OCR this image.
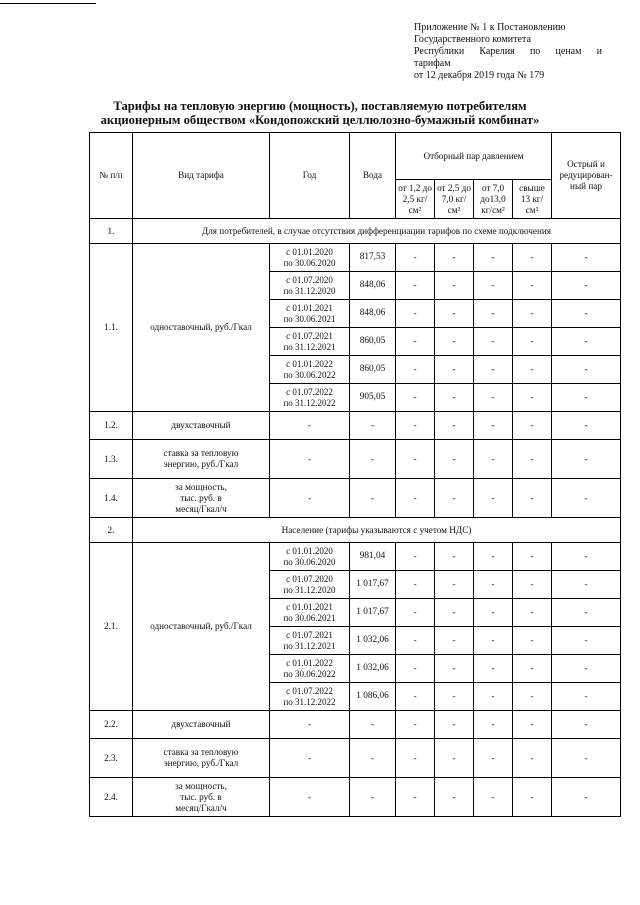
Приложение № 1 к Постановлению
Государственного комитета
Республики Карелия по ценам и
тарифам
от 12 декабря 2019 года № 179
Тарифы на тепловую энергию (мощность), поставляемую потребителям
акционерным обществом «Кондопожский целлюлозно-бумажный комбинат»
№ п/п	Вид тарифа	Год	Вода	Отборный пар давлением				Острый и редуцирован-ный пар
				от 1,2 до 2,5 кг/см²	от 2,5 до 7,0 кг/см²	от 7,0 до13,0 кг/см²	свыше 13 кг/см²	
1.	Для потребителей, в случае отсутствия дифференциации тарифов по схеме подключения							
1.1.	одноставочный, руб./Гкал	с 01.01.2020
по 30.06.2020	817,53	-	-	-	-	-

		с 01.07.2020
по 31.12.2020	848,06	-	-	-	-	-

		с 01.01.2021
по 30.06.2021	848,06	-	-	-	-	-

		с 01.07.2021
по 31.12.2021	860,05	-	-	-	-	-

		с 01.01.2022
по 30.06.2022	860,05	-	-	-	-	-

		с 01.07.2022
по 31.12.2022	905,05	-	-	-	-	-
1.2.	двухставочный	-	-	-	-	-	-	-
1.3.	ставка за тепловую
энергию, руб./Гкал	-	-	-	-	-	-	-
1.4.	за мощность,
тыс. руб. в
месяц/Гкал/ч	-	-	-	-	-	-	-
2.	Население (тарифы указываются с учетом НДС)							
2.1.	одноставочный, руб./Гкал	с 01.01.2020
по 30.06.2020	981,04	-	-	-	-	-

		с 01.07.2020
по 31.12.2020	1 017,67	-	-	-	-	-

		с 01.01.2021
по 30.06.2021	1 017,67	-	-	-	-	-

		с 01.07.2021
по 31.12.2021	1 032,06	-	-	-	-	-

		с 01.01.2022
по 30.06.2022	1 032,06	-	-	-	-	-

		с 01.07.2022
по 31.12.2022	1 086,06	-	-	-	-	-
2.2.	двухставочный	-	-	-	-	-	-	-
2.3.	ставка за тепловую
энергию, руб./Гкал	-	-	-	-	-	-	-
2.4.	за мощность,
тыс. руб. в
месяц/Гкал/ч	-	-	-	-	-	-	-
